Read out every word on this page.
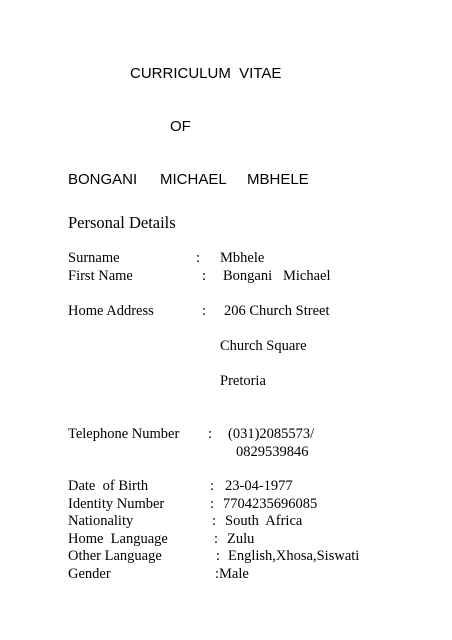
CURRICULUM  VITAE
OF
BONGANI MICHAEL MBHELE
Personal Details
Surname	: Mbhele
First Name	: Bongani   Michael
Home Address	: 206 Church Street
Church Square
Pretoria
Telephone Number : (031)2085573/
0829539846
Date  of Birth	: 23-04-1977
Identity Number	: 7704235696085
Nationality	: South  Africa
Home  Language	: Zulu
Other Language	: English,Xhosa,Siswati
Gender	:Male
